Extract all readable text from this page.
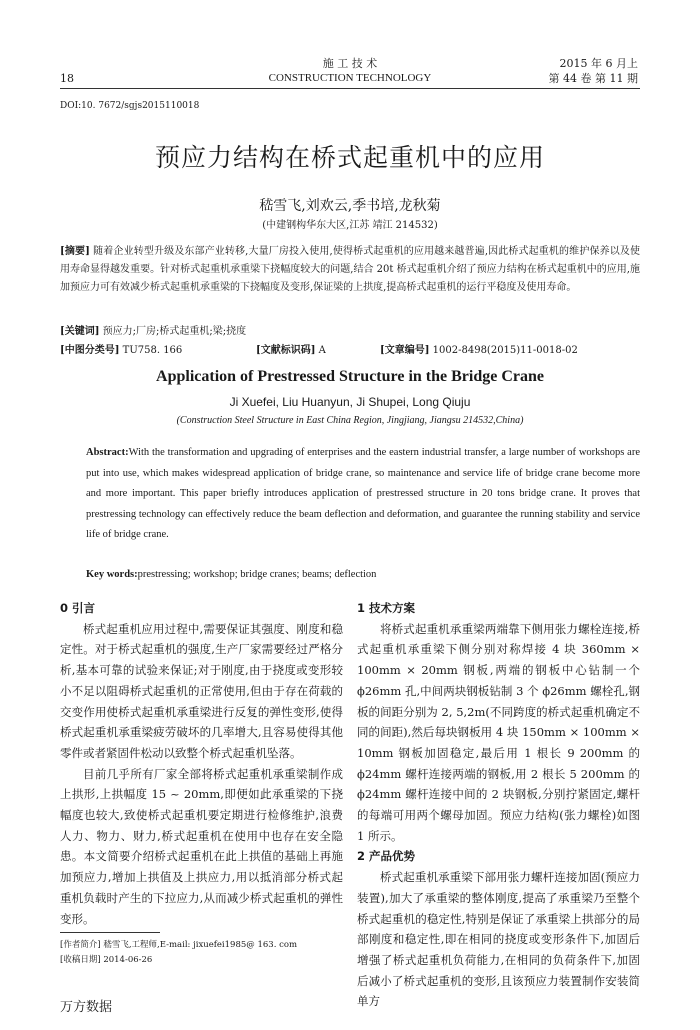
18
施 工 技 术
CONSTRUCTION TECHNOLOGY
2015 年 6 月上
第 44 卷 第 11 期
DOI:10. 7672/sgjs2015110018
预应力结构在桥式起重机中的应用
嵇雪飞,刘欢云,季书培,龙秋菊
(中建钢构华东大区,江苏 靖江 214532)
[摘要] 随着企业转型升级及东部产业转移,大量厂房投入使用,使得桥式起重机的应用越来越普遍,因此桥式起重机的维护保养以及使用寿命显得越发重要。针对桥式起重机承重梁下挠幅度较大的问题,结合 20t 桥式起重机介绍了预应力结构在桥式起重机中的应用,施加预应力可有效减少桥式起重机承重梁的下挠幅度及变形,保证梁的上拱度,提高桥式起重机的运行平稳度及使用寿命。
[关键词] 预应力;厂房;桥式起重机;梁;挠度
[中图分类号] TU758. 166	[文献标识码] A	[文章编号] 1002-8498(2015)11-0018-02
Application of Prestressed Structure in the Bridge Crane
Ji Xuefei, Liu Huanyun, Ji Shupei, Long Qiuju
(Construction Steel Structure in East China Region, Jingjiang, Jiangsu 214532,China)
Abstract:With the transformation and upgrading of enterprises and the eastern industrial transfer, a large number of workshops are put into use, which makes widespread application of bridge crane, so maintenance and service life of bridge crane become more and more important. This paper briefly introduces application of prestressed structure in 20 tons bridge crane. It proves that prestressing technology can effectively reduce the beam deflection and deformation, and guarantee the running stability and service life of bridge crane.
Key words:prestressing; workshop; bridge cranes; beams; deflection
0 引言

桥式起重机应用过程中,需要保证其强度、刚度和稳定性。对于桥式起重机的强度,生产厂家需要经过严格分析,基本可靠的试验来保证;对于刚度,由于挠度或变形较小不足以阻碍桥式起重机的正常使用,但由于存在荷载的交变作用使桥式起重机承重梁进行反复的弹性变形,使得桥式起重机承重梁疲劳破坏的几率增大,且容易使得其他零件或者紧固件松动以致整个桥式起重机坠落。

目前几乎所有厂家全部将桥式起重机承重梁制作成上拱形,上拱幅度 15 ~ 20mm,即便如此承重梁的下挠幅度也较大,致使桥式起重机要定期进行检修维护,浪费人力、物力、财力,桥式起重机在使用中也存在安全隐患。本文简要介绍桥式起重机在此上拱值的基础上再施加预应力,增加上拱值及上拱应力,用以抵消部分桥式起重机负载时产生的下拉应力,从而减少桥式起重机的弹性变形。

1 技术方案

将桥式起重机承重梁两端靠下侧用张力螺栓连接,桥式起重机承重梁下侧分别对称焊接 4 块 360mm × 100mm × 20mm 钢板,两端的钢板中心钻制一个 ϕ26mm 孔,中间两块钢板钻制 3 个 ϕ26mm 螺栓孔,钢板的间距分别为 2, 5,2m(不同跨度的桥式起重机确定不同的间距),然后每块钢板用 4 块 150mm × 100mm × 10mm 钢板加固稳定,最后用 1 根长 9 200mm 的 ϕ24mm 螺杆连接两端的钢板,用 2 根长 5 200mm 的 ϕ24mm 螺杆连接中间的 2 块钢板,分别拧紧固定,螺杆的每端可用两个螺母加固。预应力结构(张力螺栓)如图 1 所示。

2 产品优势

桥式起重机承重梁下部用张力螺杆连接加固(预应力装置),加大了承重梁的整体刚度,提高了承重梁乃至整个桥式起重机的稳定性,特别是保证了承重梁上拱部分的局部刚度和稳定性,即在相同的挠度或变形条件下,加固后增强了桥式起重机负荷能力,在相同的负荷条件下,加固后减小了桥式起重机的变形,且该预应力装置制作安装简单方

[作者简介] 嵇雪飞,工程师,E-mail: jixuefei1985@ 163. com
[收稿日期] 2014-06-26
万方数据
